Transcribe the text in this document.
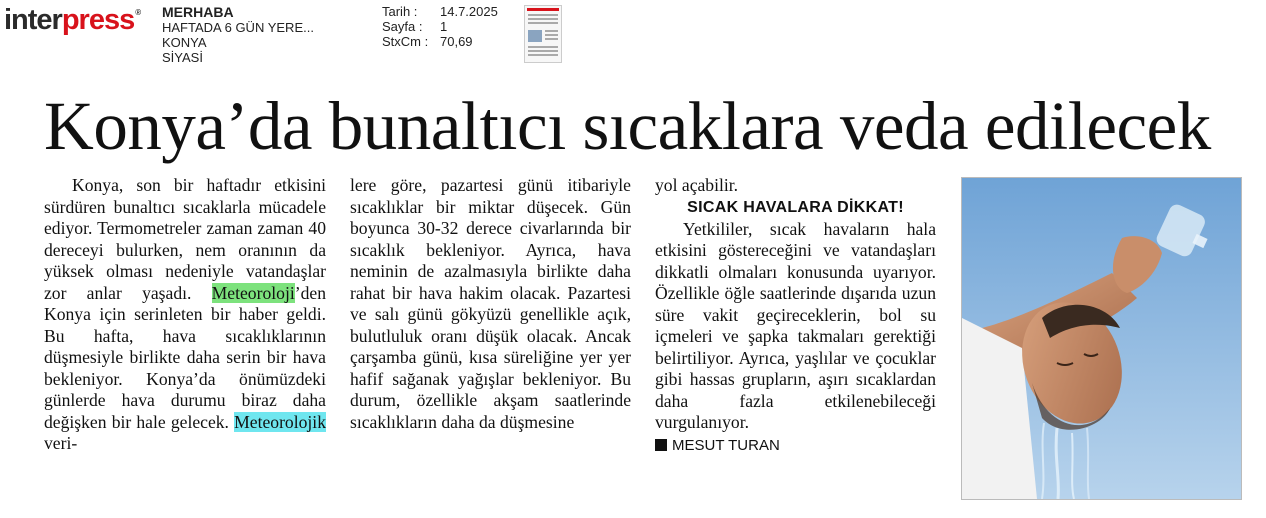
interpress® MERHABA
HAFTADA 6 GÜN YERE...
KONYA
SİYASİ
Tarih : 14.7.2025
Sayfa : 1
StxCm : 70,69
Konya’da bunaltıcı sıcaklara veda edilecek

Konya, son bir haftadır etkisini sürdüren bunaltıcı sıcaklarla mücadele ediyor. Termometreler zaman zaman 40 dereceyi bulurken, nem oranının da yüksek olması nedeniyle vatandaşlar zor anlar yaşadı. Meteoroloji’den Konya için serinleten bir haber geldi. Bu hafta, hava sıcaklıklarının düşmesiyle birlikte daha serin bir hava bekleniyor. Konya’da önümüzdeki günlerde hava durumu biraz daha değişken bir hale gelecek. Meteorolojik veri-

lere göre, pazartesi günü itibariyle sıcaklıklar bir miktar düşecek. Gün boyunca 30-32 derece civarlarında bir sıcaklık bekleniyor. Ayrıca, hava neminin de azalmasıyla birlikte daha rahat bir hava hakim olacak. Pazartesi ve salı günü gökyüzü genellikle açık, bulutluluk oranı düşük olacak. Ancak çarşamba günü, kısa süreliğine yer yer hafif sağanak yağışlar bekleniyor. Bu durum, özellikle akşam saatlerinde sıcaklıkların daha da düşmesine

yol açabilir.

SICAK HAVALARA DİKKAT!

Yetkililer, sıcak havaların hala etkisini göstereceğini ve vatandaşları dikkatli olmaları konusunda uyarıyor. Özellikle öğle saatlerinde dışarıda uzun süre vakit geçireceklerin, bol su içmeleri ve şapka takmaları gerektiği belirtiliyor. Ayrıca, yaşlılar ve çocuklar gibi hassas grupların, aşırı sıcaklardan daha fazla etkilenebileceği vurgulanıyor.

MESUT TURAN
